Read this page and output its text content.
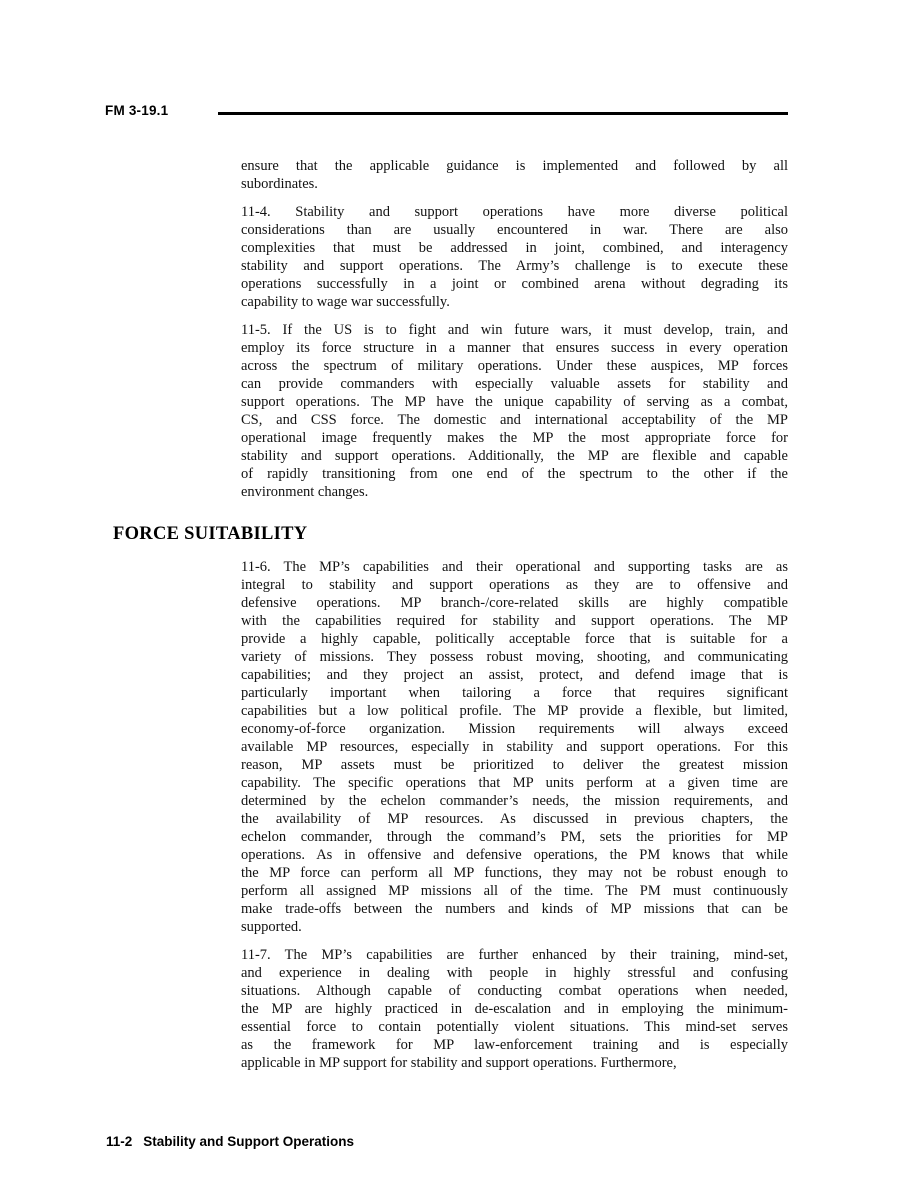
FM 3-19.1
ensure that the applicable guidance is implemented and followed by all
subordinates.
11-4. Stability and support operations have more diverse political
considerations than are usually encountered in war. There are also
complexities that must be addressed in joint, combined, and interagency
stability and support operations. The Army’s challenge is to execute these
operations successfully in a joint or combined arena without degrading its
capability to wage war successfully.
11-5. If the US is to fight and win future wars, it must develop, train, and
employ its force structure in a manner that ensures success in every operation
across the spectrum of military operations. Under these auspices, MP forces
can provide commanders with especially valuable assets for stability and
support operations. The MP have the unique capability of serving as a combat,
CS, and CSS force. The domestic and international acceptability of the MP
operational image frequently makes the MP the most appropriate force for
stability and support operations. Additionally, the MP are flexible and capable
of rapidly transitioning from one end of the spectrum to the other if the
environment changes.
FORCE SUITABILITY
11-6. The MP’s capabilities and their operational and supporting tasks are as
integral to stability and support operations as they are to offensive and
defensive operations. MP branch-/core-related skills are highly compatible
with the capabilities required for stability and support operations. The MP
provide a highly capable, politically acceptable force that is suitable for a
variety of missions. They possess robust moving, shooting, and communicating
capabilities; and they project an assist, protect, and defend image that is
particularly important when tailoring a force that requires significant
capabilities but a low political profile. The MP provide a flexible, but limited,
economy-of-force organization. Mission requirements will always exceed
available MP resources, especially in stability and support operations. For this
reason, MP assets must be prioritized to deliver the greatest mission
capability. The specific operations that MP units perform at a given time are
determined by the echelon commander’s needs, the mission requirements, and
the availability of MP resources. As discussed in previous chapters, the
echelon commander, through the command’s PM, sets the priorities for MP
operations. As in offensive and defensive operations, the PM knows that while
the MP force can perform all MP functions, they may not be robust enough to
perform all assigned MP missions all of the time. The PM must continuously
make trade-offs between the numbers and kinds of MP missions that can be
supported.
11-7. The MP’s capabilities are further enhanced by their training, mind-set,
and experience in dealing with people in highly stressful and confusing
situations. Although capable of conducting combat operations when needed,
the MP are highly practiced in de-escalation and in employing the minimum-
essential force to contain potentially violent situations. This mind-set serves
as the framework for MP law-enforcement training and is especially
applicable in MP support for stability and support operations. Furthermore,
11-2 Stability and Support Operations
